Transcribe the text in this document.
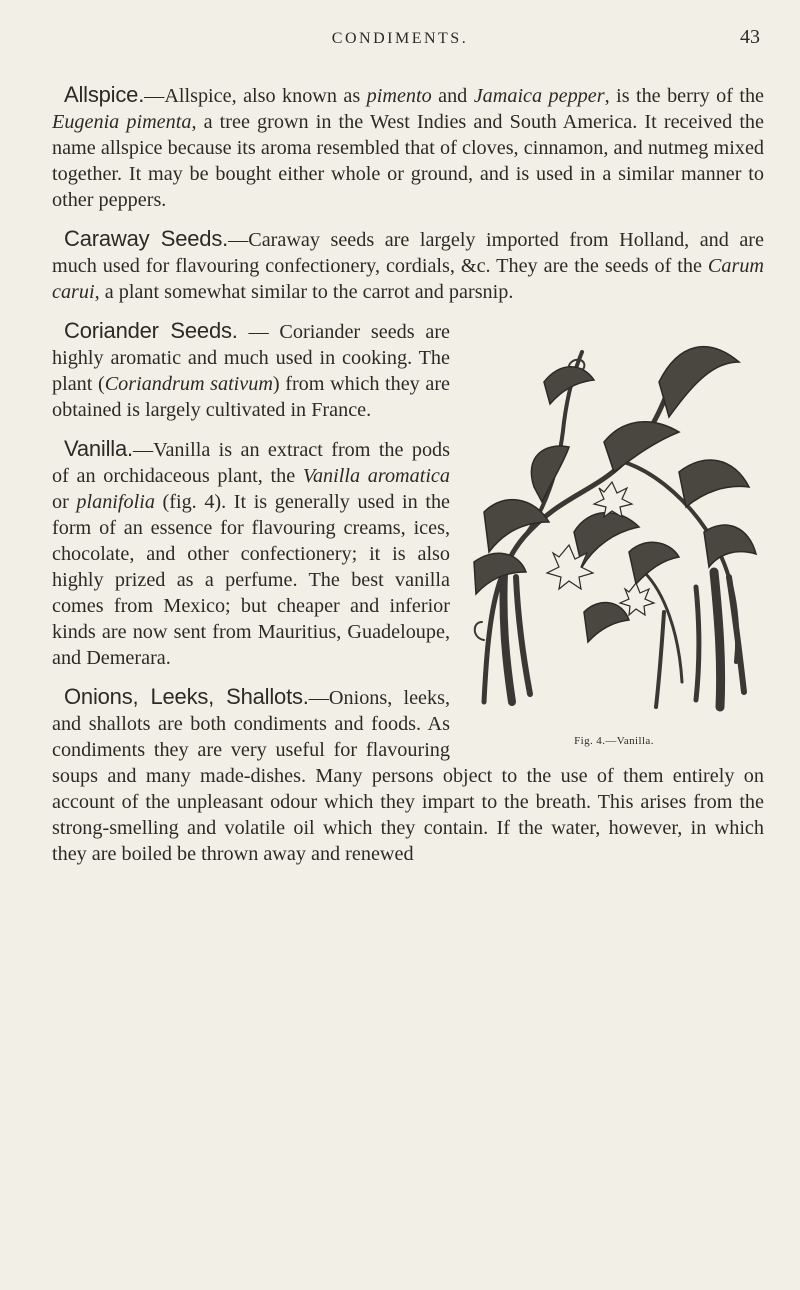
CONDIMENTS.	43

Allspice.—Allspice, also known as pimento and Jamaica pepper, is the berry of the Eugenia pimenta, a tree grown in the West Indies and South America. It received the name allspice because its aroma resembled that of cloves, cinnamon, and nutmeg mixed together. It may be bought either whole or ground, and is used in a similar manner to other peppers.

Caraway Seeds.—Caraway seeds are largely imported from Holland, and are much used for flavouring confectionery, cordials, &c. They are the seeds of the Carum carui, a plant somewhat similar to the carrot and parsnip.

Fig. 4.—Vanilla.

Coriander Seeds. — Coriander seeds are highly aromatic and much used in cooking. The plant (Coriandrum sativum) from which they are obtained is largely cultivated in France.

Vanilla.—Vanilla is an extract from the pods of an orchidaceous plant, the Vanilla aromatica or planifolia (fig. 4). It is generally used in the form of an essence for flavouring creams, ices, chocolate, and other confectionery; it is also highly prized as a perfume. The best vanilla comes from Mexico; but cheaper and inferior kinds are now sent from Mauritius, Guadeloupe, and Demerara.

Onions, Leeks, Shallots.—Onions, leeks, and shallots are both condiments and foods. As condiments they are very useful for flavouring soups and many made-dishes. Many persons object to the use of them entirely on account of the unpleasant odour which they impart to the breath. This arises from the strong-smelling and volatile oil which they contain. If the water, however, in which they are boiled be thrown away and renewed
